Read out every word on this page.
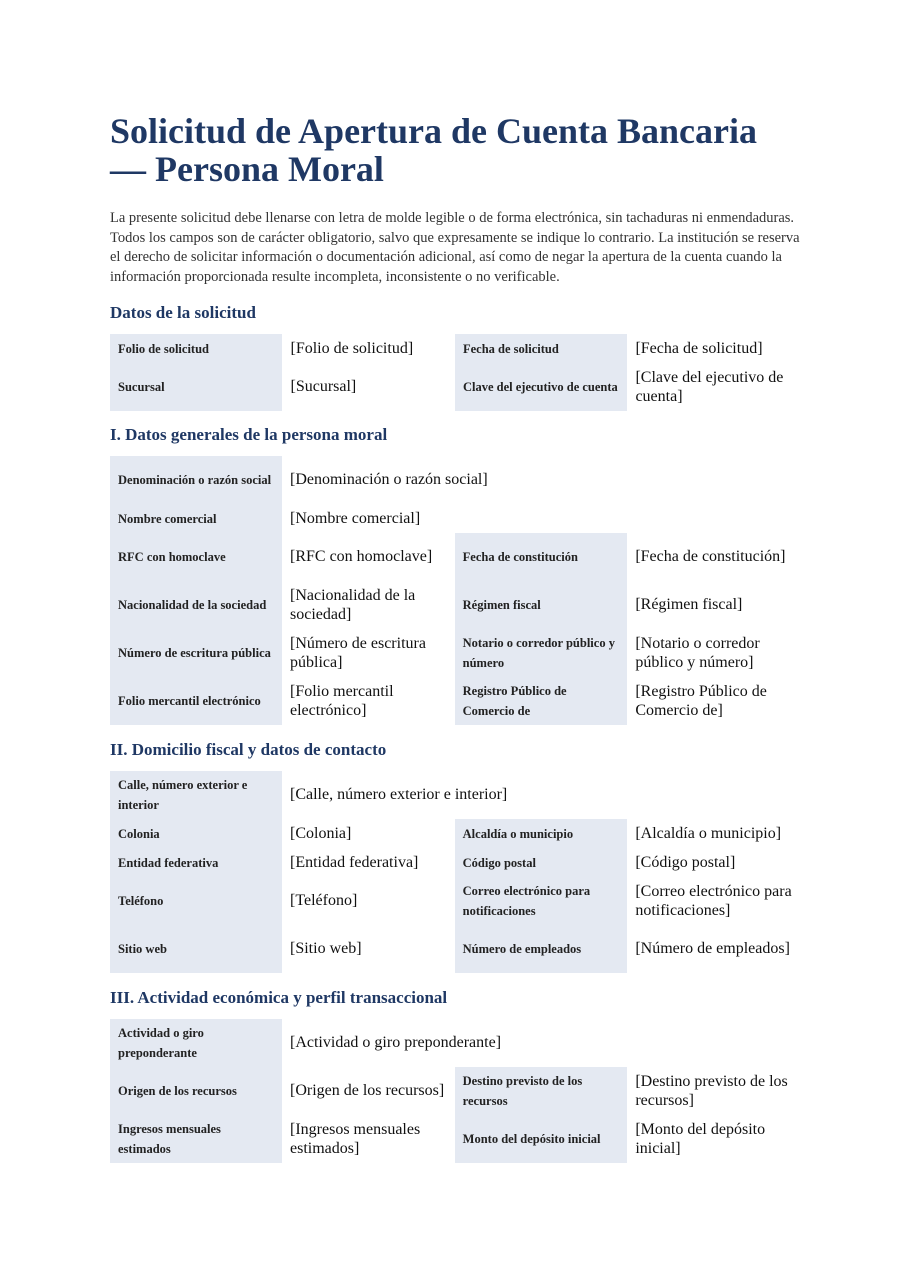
Solicitud de Apertura de Cuenta Bancaria — Persona Moral

La presente solicitud debe llenarse con letra de molde legible o de forma electrónica, sin tachaduras ni enmendaduras. Todos los campos son de carácter obligatorio, salvo que expresamente se indique lo contrario. La institución se reserva el derecho de solicitar información o documentación adicional, así como de negar la apertura de la cuenta cuando la información proporcionada resulte incompleta, inconsistente o no verificable.

Datos de la solicitud
Folio de solicitud	[Folio de solicitud]	Fecha de solicitud	[Fecha de solicitud]
Sucursal	[Sucursal]	Clave del ejecutivo de cuenta	[Clave del ejecutivo de cuenta]
I. Datos generales de la persona moral
Denominación o razón social	[Denominación o razón social]		
Nombre comercial	[Nombre comercial]		
RFC con homoclave	[RFC con homoclave]	Fecha de constitución	[Fecha de constitución]
Nacionalidad de la sociedad	[Nacionalidad de la sociedad]	Régimen fiscal	[Régimen fiscal]
Número de escritura pública	[Número de escritura pública]	Notario o corredor público y número	[Notario o corredor público y número]
Folio mercantil electrónico	[Folio mercantil electrónico]	Registro Público de Comercio de	[Registro Público de Comercio de]
II. Domicilio fiscal y datos de contacto
Calle, número exterior e interior	[Calle, número exterior e interior]		
Colonia	[Colonia]	Alcaldía o municipio	[Alcaldía o municipio]
Entidad federativa	[Entidad federativa]	Código postal	[Código postal]
Teléfono	[Teléfono]	Correo electrónico para notificaciones	[Correo electrónico para notificaciones]
Sitio web	[Sitio web]	Número de empleados	[Número de empleados]
III. Actividad económica y perfil transaccional
Actividad o giro preponderante	[Actividad o giro preponderante]		
Origen de los recursos	[Origen de los recursos]	Destino previsto de los recursos	[Destino previsto de los recursos]
Ingresos mensuales estimados	[Ingresos mensuales estimados]	Monto del depósito inicial	[Monto del depósito inicial]
